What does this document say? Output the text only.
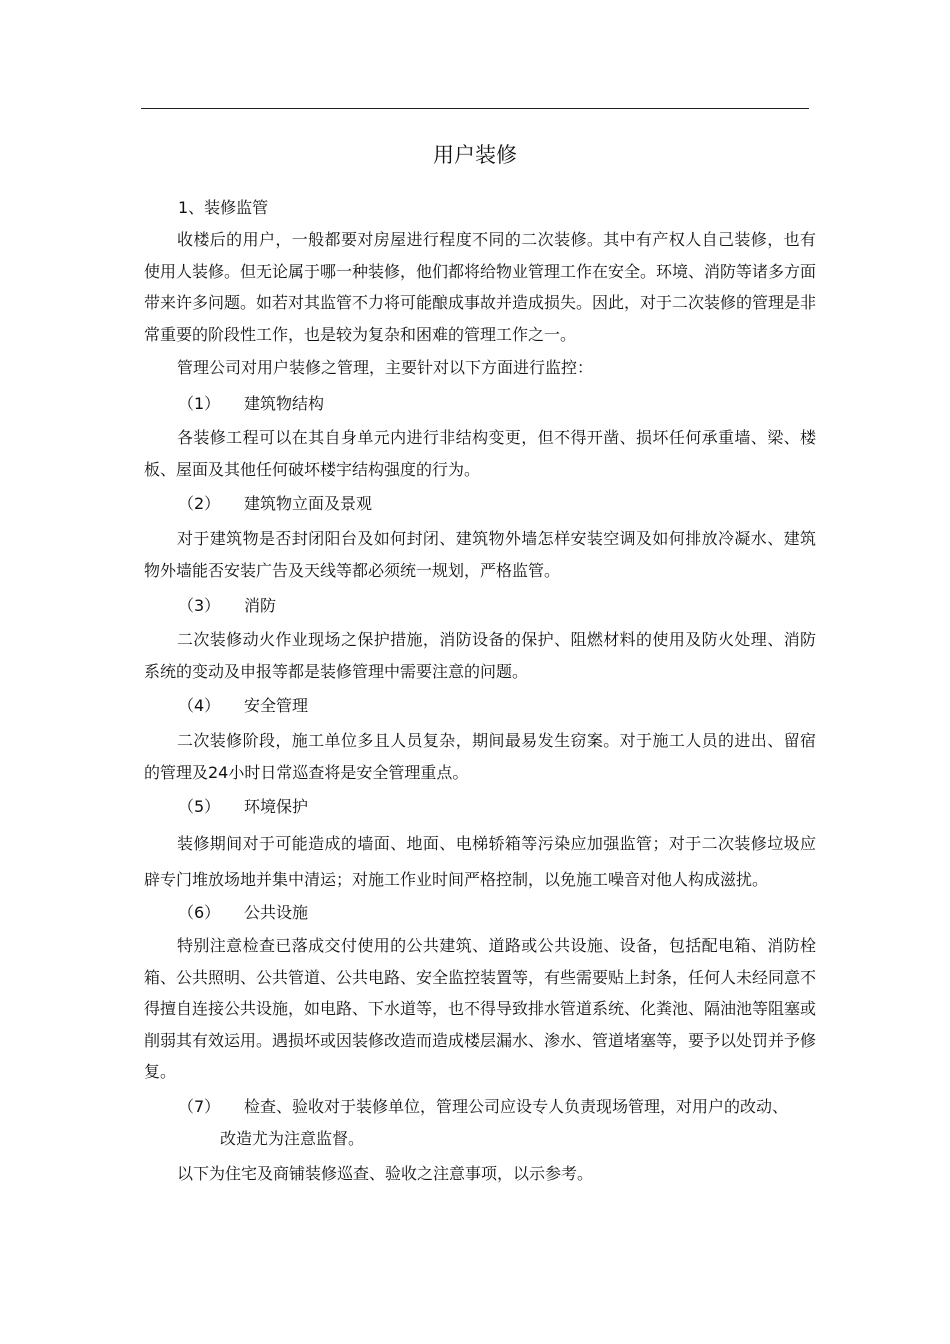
用户装修
1、装修监管

收楼后的用户，一般都要对房屋进行程度不同的二次装修。其中有产权人自己装修，也有使用人装修。但无论属于哪一种装修，他们都将给物业管理工作在安全。环境、消防等诸多方面带来许多问题。如若对其监管不力将可能酿成事故并造成损失。因此，对于二次装修的管理是非常重要的阶段性工作，也是较为复杂和困难的管理工作之一。

管理公司对用户装修之管理，主要针对以下方面进行监控：

（1） 建筑物结构

各装修工程可以在其自身单元内进行非结构变更，但不得开凿、损坏任何承重墙、梁、楼板、屋面及其他任何破坏楼宇结构强度的行为。

（2） 建筑物立面及景观

对于建筑物是否封闭阳台及如何封闭、建筑物外墙怎样安装空调及如何排放冷凝水、建筑物外墙能否安装广告及天线等都必须统一规划，严格监管。

（3） 消防

二次装修动火作业现场之保护措施，消防设备的保护、阻燃材料的使用及防火处理、消防系统的变动及申报等都是装修管理中需要注意的问题。

（4） 安全管理

二次装修阶段，施工单位多且人员复杂，期间最易发生窃案。对于施工人员的进出、留宿的管理及24小时日常巡查将是安全管理重点。

（5） 环境保护

装修期间对于可能造成的墙面、地面、电梯轿箱等污染应加强监管；对于二次装修垃圾应辟专门堆放场地并集中清运；对施工作业时间严格控制，以免施工噪音对他人构成滋扰。

（6） 公共设施

特别注意检查已落成交付使用的公共建筑、道路或公共设施、设备，包括配电箱、消防栓箱、公共照明、公共管道、公共电路、安全监控装置等，有些需要贴上封条，任何人未经同意不得擅自连接公共设施，如电路、下水道等，也不得导致排水管道系统、化粪池、隔油池等阻塞或削弱其有效运用。遇损坏或因装修改造而造成楼层漏水、渗水、管道堵塞等，要予以处罚并予修复。

（7） 检查、验收对于装修单位，管理公司应设专人负责现场管理，对用户的改动、
改造尤为注意监督。

以下为住宅及商铺装修巡查、验收之注意事项，以示参考。
